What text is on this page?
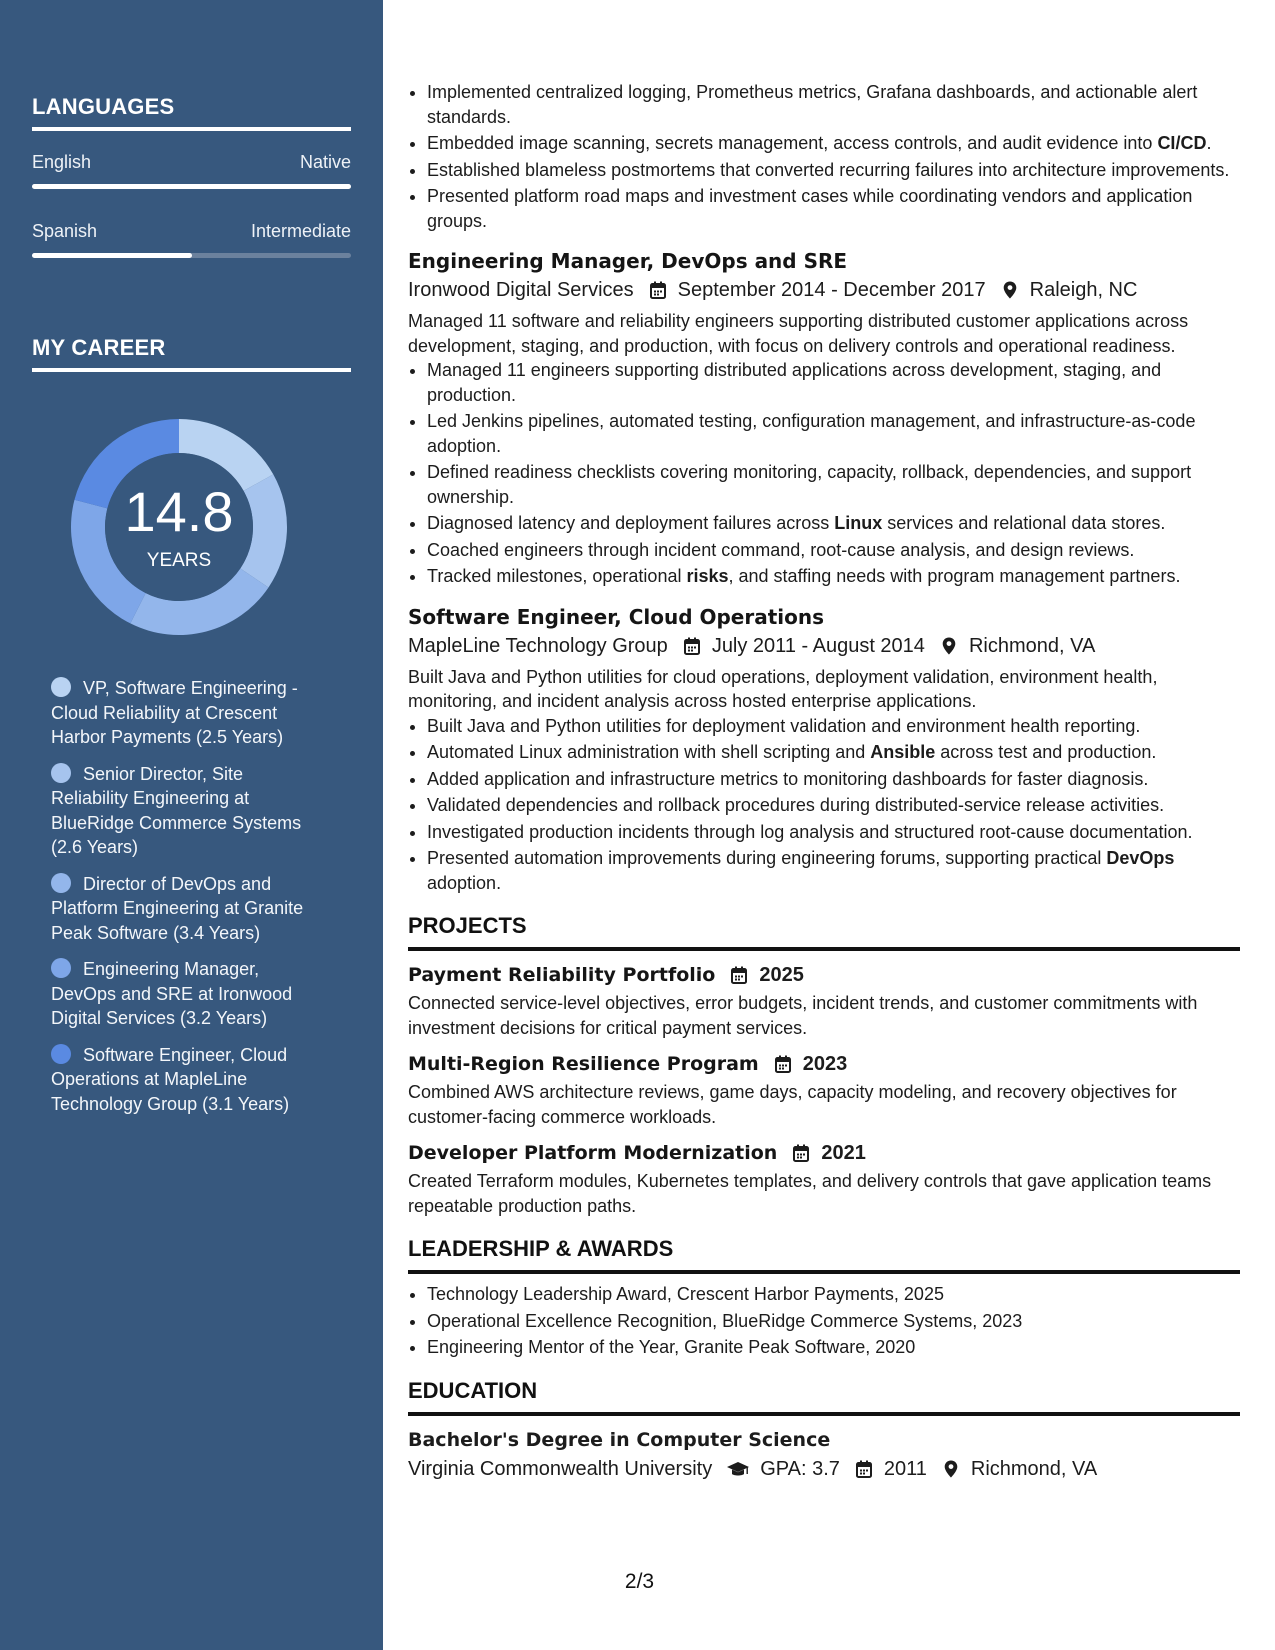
LANGUAGES
English	Native
Spanish	Intermediate
MY CAREER
14.8
YEARS
VP, Software Engineering - Cloud Reliability at Crescent Harbor Payments (2.5 Years)
Senior Director, Site Reliability Engineering at BlueRidge Commerce Systems (2.6 Years)
Director of DevOps and Platform Engineering at Granite Peak Software (3.4 Years)
Engineering Manager, DevOps and SRE at Ironwood Digital Services (3.2 Years)
Software Engineer, Cloud Operations at MapleLine Technology Group (3.1 Years)
• Implemented centralized logging, Prometheus metrics, Grafana dashboards, and actionable alert standards.
• Embedded image scanning, secrets management, access controls, and audit evidence into CI/CD.
• Established blameless postmortems that converted recurring failures into architecture improvements.
• Presented platform road maps and investment cases while coordinating vendors and application groups.
Engineering Manager, DevOps and SRE
Ironwood Digital Services September 2014 - December 2017 Raleigh, NC
Managed 11 software and reliability engineers supporting distributed customer applications across development, staging, and production, with focus on delivery controls and operational readiness.
• Managed 11 engineers supporting distributed applications across development, staging, and production.
• Led Jenkins pipelines, automated testing, configuration management, and infrastructure-as-code adoption.
• Defined readiness checklists covering monitoring, capacity, rollback, dependencies, and support ownership.
• Diagnosed latency and deployment failures across Linux services and relational data stores.
• Coached engineers through incident command, root-cause analysis, and design reviews.
• Tracked milestones, operational risks, and staffing needs with program management partners.
Software Engineer, Cloud Operations
MapleLine Technology Group July 2011 - August 2014 Richmond, VA
Built Java and Python utilities for cloud operations, deployment validation, environment health, monitoring, and incident analysis across hosted enterprise applications.
• Built Java and Python utilities for deployment validation and environment health reporting.
• Automated Linux administration with shell scripting and Ansible across test and production.
• Added application and infrastructure metrics to monitoring dashboards for faster diagnosis.
• Validated dependencies and rollback procedures during distributed-service release activities.
• Investigated production incidents through log analysis and structured root-cause documentation.
• Presented automation improvements during engineering forums, supporting practical DevOps adoption.
PROJECTS
Payment Reliability Portfolio 2025
Connected service-level objectives, error budgets, incident trends, and customer commitments with investment decisions for critical payment services.
Multi-Region Resilience Program 2023
Combined AWS architecture reviews, game days, capacity modeling, and recovery objectives for customer-facing commerce workloads.
Developer Platform Modernization 2021
Created Terraform modules, Kubernetes templates, and delivery controls that gave application teams repeatable production paths.
LEADERSHIP & AWARDS
• Technology Leadership Award, Crescent Harbor Payments, 2025
• Operational Excellence Recognition, BlueRidge Commerce Systems, 2023
• Engineering Mentor of the Year, Granite Peak Software, 2020
EDUCATION
Bachelor's Degree in Computer Science
Virginia Commonwealth University GPA: 3.7 2011 Richmond, VA
2/3
